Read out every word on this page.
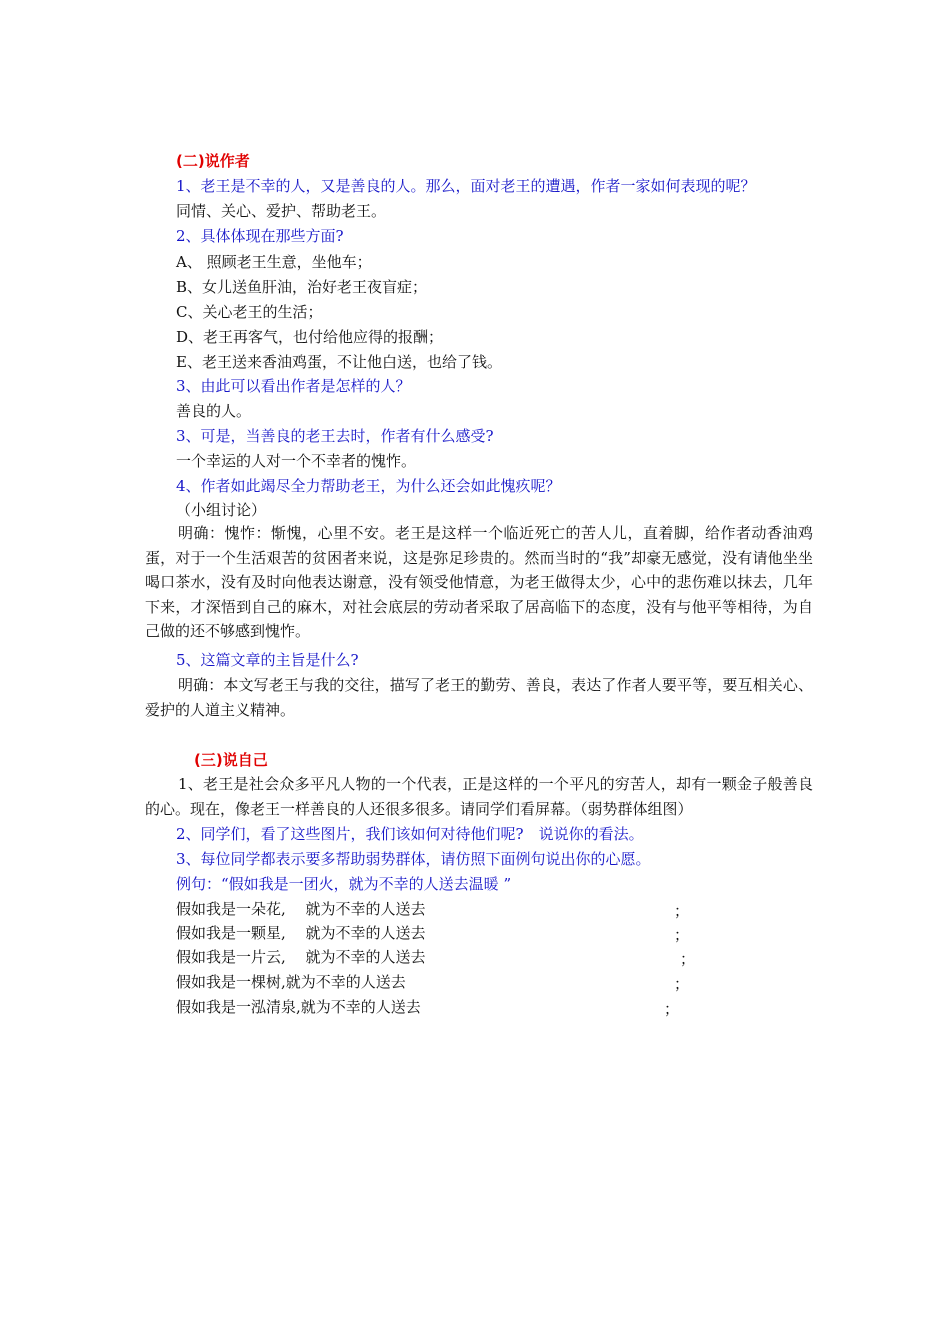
(二)说作者
1、老王是不幸的人，又是善良的人。那么，面对老王的遭遇，作者一家如何表现的呢？
同情、关心、爱护、帮助老王。
2、具体体现在那些方面?
A、 照顾老王生意，坐他车；
B、女儿送鱼肝油，治好老王夜盲症；
C、关心老王的生活；
D、老王再客气，也付给他应得的报酬；
E、老王送来香油鸡蛋，不让他白送，也给了钱。
3、由此可以看出作者是怎样的人？
善良的人。
3、可是，当善良的老王去时，作者有什么感受?
一个幸运的人对一个不幸者的愧怍。
4、作者如此竭尽全力帮助老王，为什么还会如此愧疚呢？
（小组讨论）
明确：愧怍：惭愧，心里不安。老王是这样一个临近死亡的苦人儿，直着脚，给作者动香油鸡蛋，对于一个生活艰苦的贫困者来说，这是弥足珍贵的。然而当时的“我”却豪无感觉，没有请他坐坐喝口茶水，没有及时向他表达谢意，没有领受他情意，为老王做得太少，心中的悲伤难以抹去，几年下来，才深悟到自己的麻木，对社会底层的劳动者采取了居高临下的态度，没有与他平等相待，为自己做的还不够感到愧怍。
5、这篇文章的主旨是什么?
明确：本文写老王与我的交往，描写了老王的勤劳、善良，表达了作者人要平等，要互相关心、爱护的人道主义精神。
(三)说自己
1、老王是社会众多平凡人物的一个代表，正是这样的一个平凡的穷苦人，却有一颗金子般善良的心。现在，像老王一样善良的人还很多很多。请同学们看屏幕。（弱势群体组图）
2、同学们，看了这些图片，我们该如何对待他们呢?　说说你的看法。
3、每位同学都表示要多帮助弱势群体，请仿照下面例句说出你的心愿。
例句：“假如我是一团火，就为不幸的人送去温暖 ”
假如我是一朵花,　 就为不幸的人送去	；
假如我是一颗星,　 就为不幸的人送去	；
假如我是一片云,　 就为不幸的人送去	；
假如我是一棵树,就为不幸的人送去	；
假如我是一泓清泉,就为不幸的人送去	；
